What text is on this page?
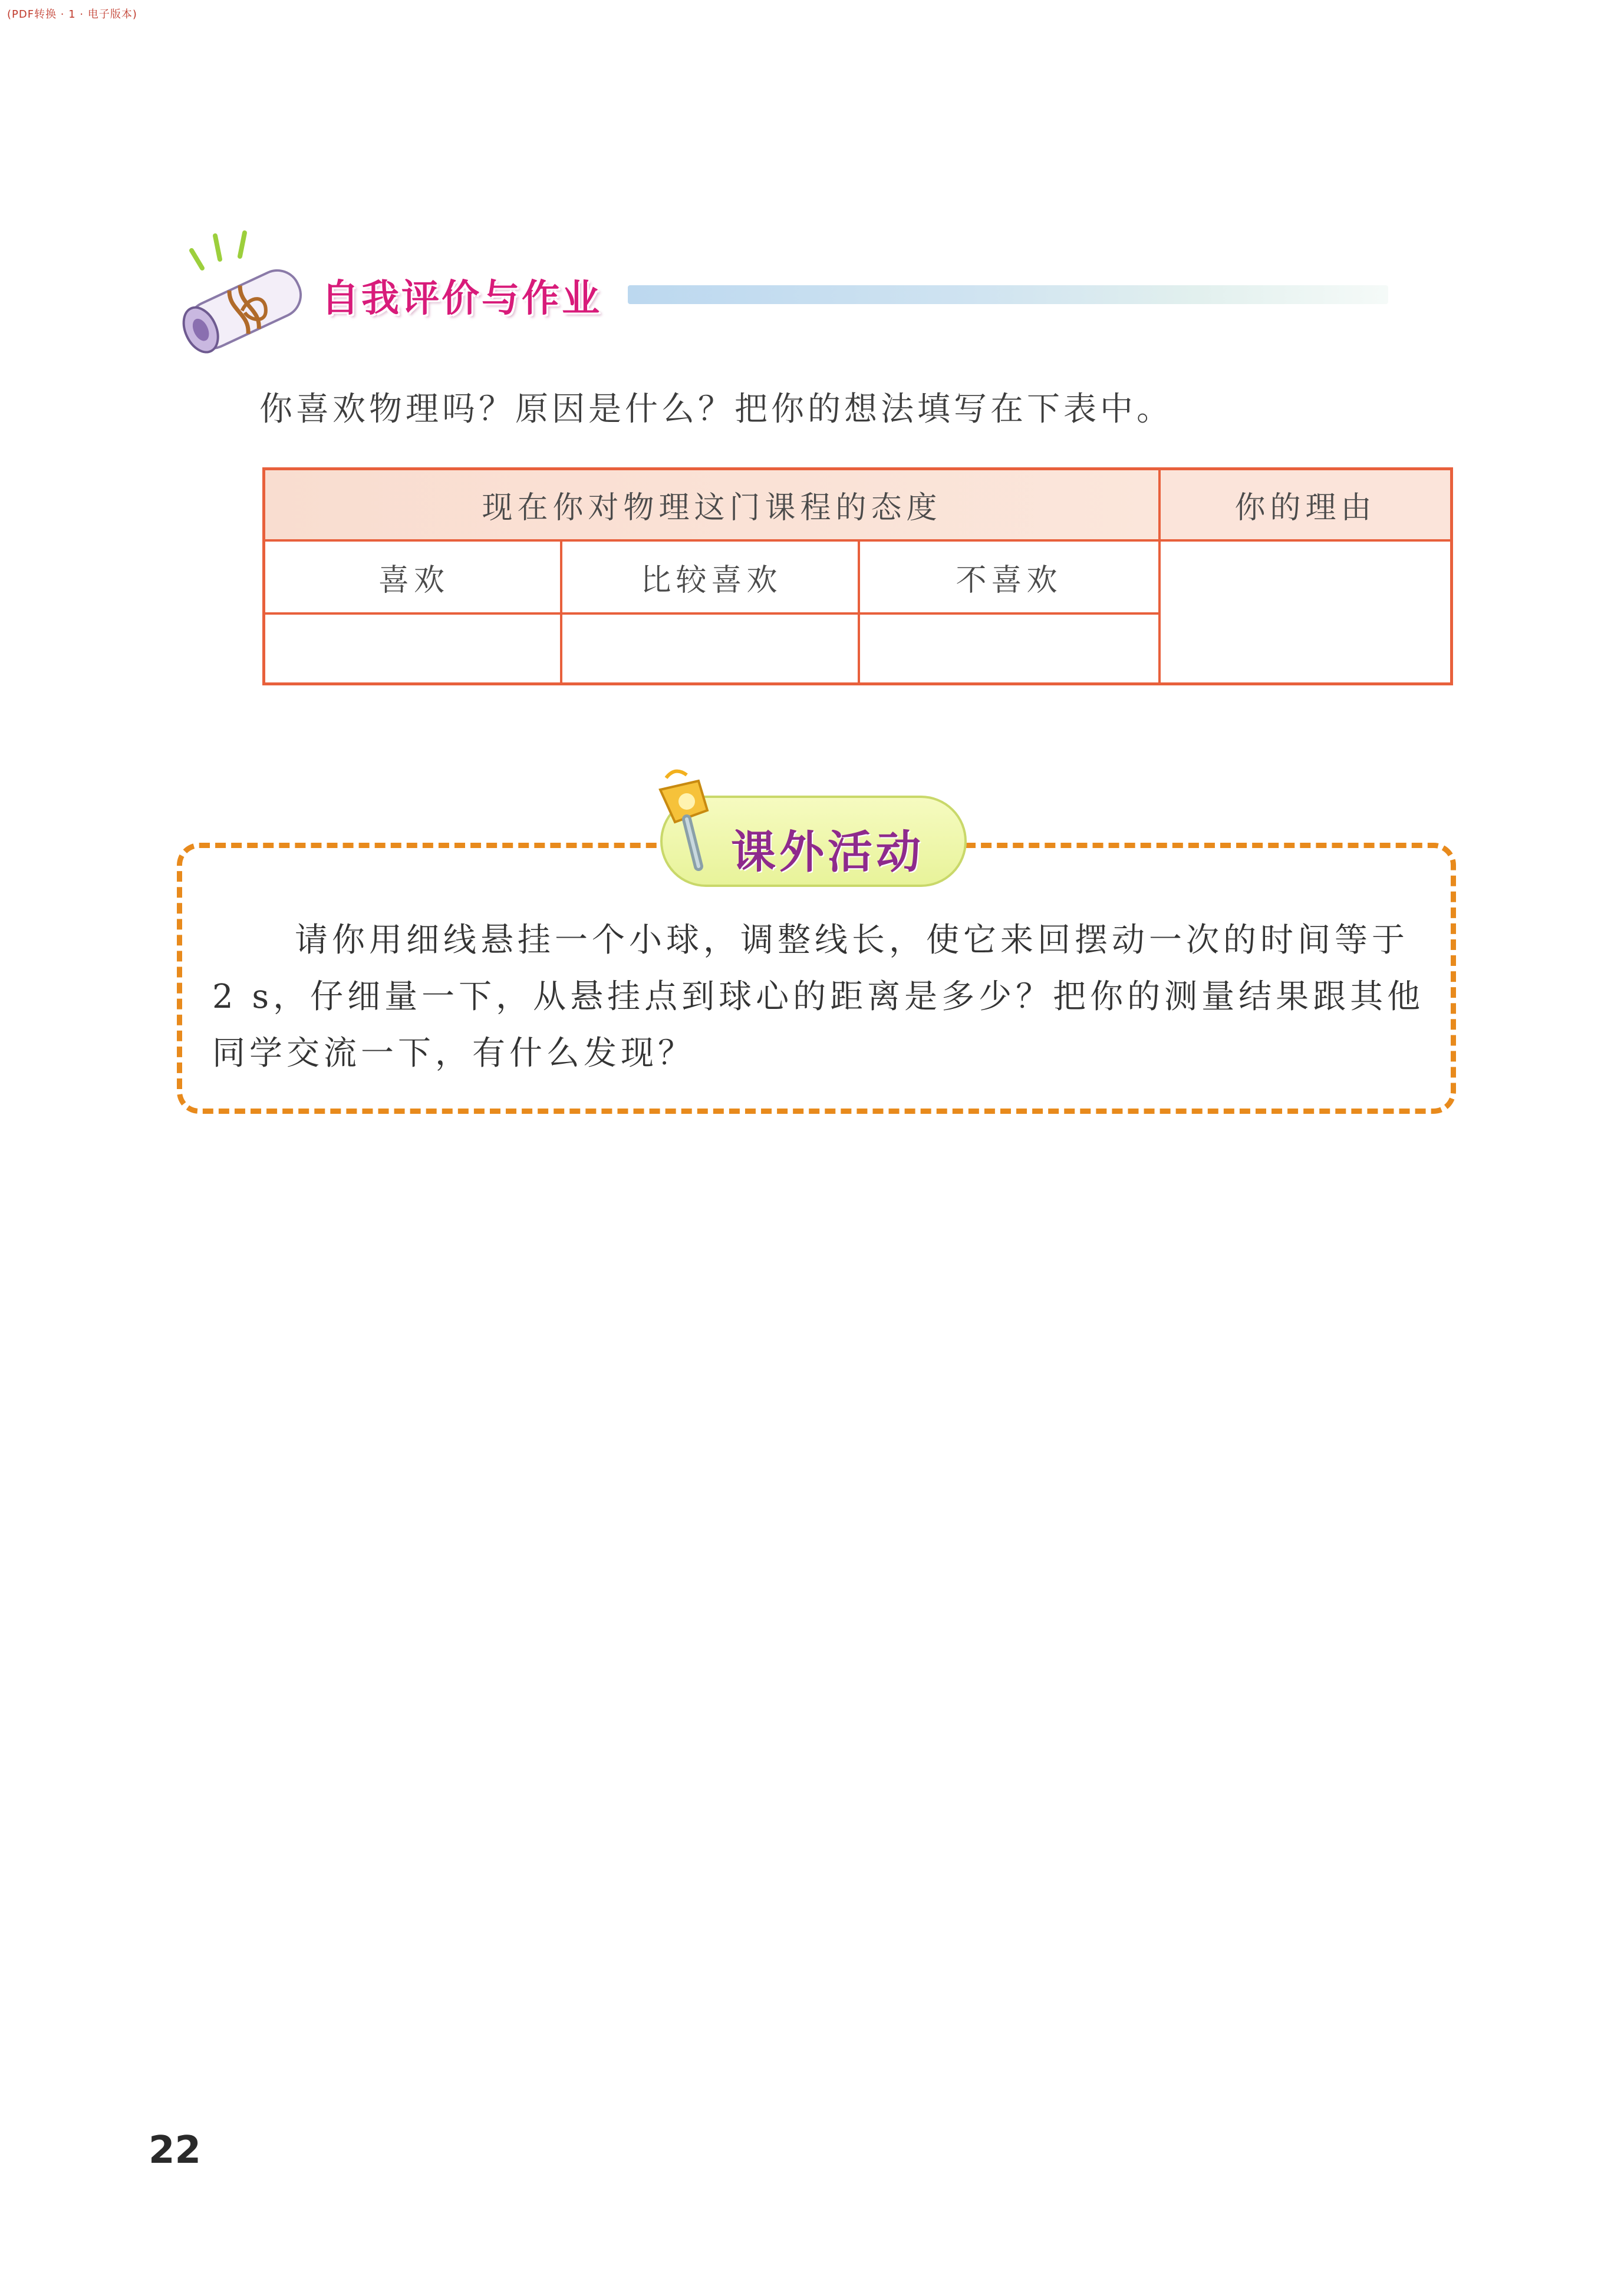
(PDF转换 · 1 · 电子版本)
自我评价与作业
你喜欢物理吗？原因是什么？把你的想法填写在下表中。
现在你对物理这门课程的态度	你的理由
喜欢	比较喜欢	不喜欢
课外活动

请你用细线悬挂一个小球，调整线长，使它来回摆动一次的时间等于2 s，仔细量一下，从悬挂点到球心的距离是多少？把你的测量结果跟其他同学交流一下，有什么发现？

22
